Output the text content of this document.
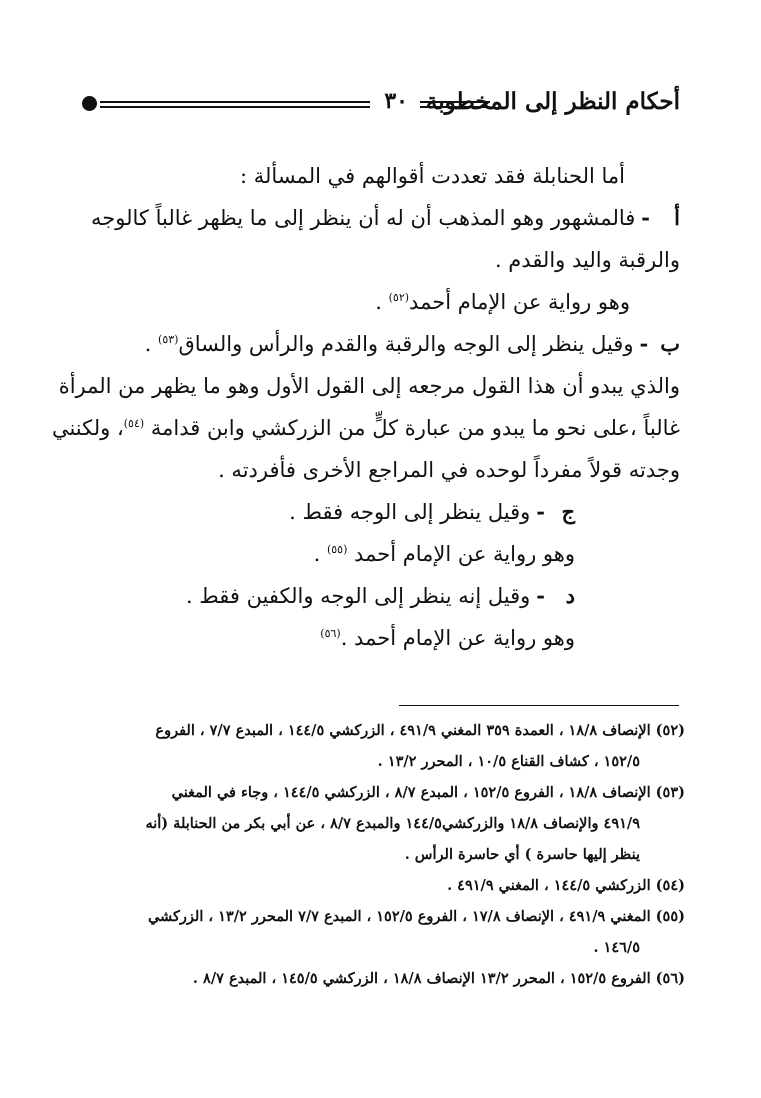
أحكام النظر إلى المخطوبة
٣٠
أما الحنابلة فقد تعددت أقوالهم في المسألة :
أ-فالمشهور وهو المذهب أن له أن ينظر إلى ما يظهر غالباً كالوجه
والرقبة واليد والقدم .
وهو رواية عن الإمام أحمد$^{(٥٢)}$ .
ب-وقيل ينظر إلى الوجه والرقبة والقدم والرأس والساق$^{(٥٣)}$ .
والذي يبدو أن هذا القول مرجعه إلى القول الأول وهو ما يظهر من المرأة
غالباً ،على نحو ما يبدو من عبارة كلٍّ من الزركشي وابن قدامة $^{(٥٤)}$، ولكنني
وجدته قولاً مفرداً لوحده في المراجع الأخرى فأفردته .
ج-وقيل ينظر إلى الوجه فقط .
وهو رواية عن الإمام أحمد $^{(٥٥)}$ .
د-وقيل إنه ينظر إلى الوجه والكفين فقط .
وهو رواية عن الإمام أحمد .$^{(٥٦)}$
(٥٢) الإنصاف ١٨/٨ ، العمدة ٣٥٩ المغني ٤٩١/٩ ، الزركشي ١٤٤/٥ ، المبدع ٧/٧ ، الفروع
١٥٢/٥ ، كشاف القناع ١٠/٥ ، المحرر ١٣/٢ .
(٥٣) الإنصاف ١٨/٨ ، الفروع ١٥٢/٥ ، المبدع ٨/٧ ، الزركشي ١٤٤/٥ ، وجاء في المغني
٤٩١/٩ والإنصاف ١٨/٨ والزركشي١٤٤/٥ والمبدع ٨/٧ ، عن أبي بكر من الحنابلة (أنه
ينظر إليها حاسرة ) أي حاسرة الرأس .
(٥٤) الزركشي ١٤٤/٥ ، المغني ٤٩١/٩ .
(٥٥) المغني ٤٩١/٩ ، الإنصاف ١٧/٨ ، الفروع ١٥٢/٥ ، المبدع ٧/٧ المحرر ١٣/٢ ، الزركشي
١٤٦/٥ .
(٥٦) الفروع ١٥٢/٥ ، المحرر ١٣/٢ الإنصاف ١٨/٨ ، الزركشي ١٤٥/٥ ، المبدع ٨/٧ .
